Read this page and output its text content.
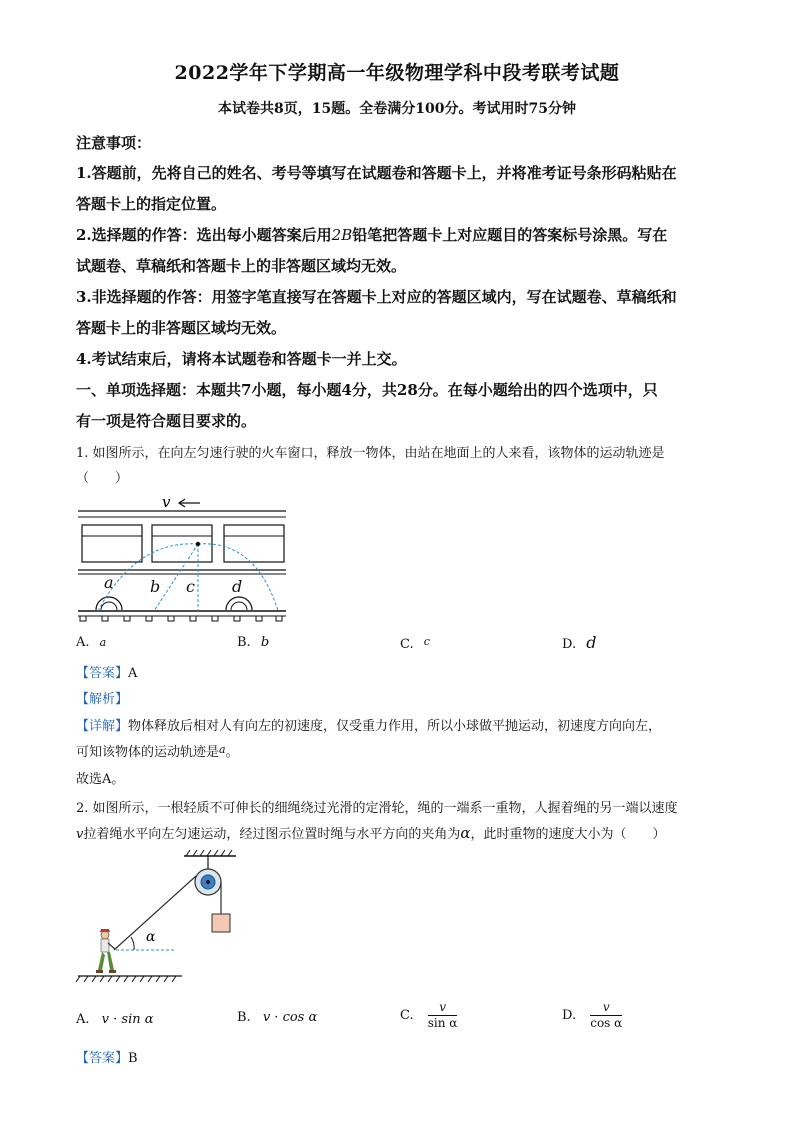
2022学年下学期高一年级物理学科中段考联考试题
本试卷共8页，15题。全卷满分100分。考试用时75分钟
注意事项：
1.答题前，先将自己的姓名、考号等填写在试题卷和答题卡上，并将准考证号条形码粘贴在
答题卡上的指定位置。
2.选择题的作答：选出每小题答案后用2B铅笔把答题卡上对应题目的答案标号涂黑。写在
试题卷、草稿纸和答题卡上的非答题区域均无效。
3.非选择题的作答：用签字笔直接写在答题卡上对应的答题区域内，写在试题卷、草稿纸和
答题卡上的非答题区域均无效。
4.考试结束后，请将本试题卷和答题卡一并上交。
一、单项选择题：本题共7小题，每小题4分，共28分。在每小题给出的四个选项中，只
有一项是符合题目要求的。
1. 如图所示，在向左匀速行驶的火车窗口，释放一物体，由站在地面上的人来看，该物体的运动轨迹是
（　　）
v
a b c d
A. a	B. b	C. $^c$	D. d
【答案】A
【解析】
【详解】物体释放后相对人有向左的初速度，仅受重力作用，所以小球做平抛运动，初速度方向向左，
可知该物体的运动轨迹是$^a$。
故选A。
2. 如图所示，一根轻质不可伸长的细绳绕过光滑的定滑轮，绳的一端系一重物，人握着绳的另一端以速度
v拉着绳水平向左匀速运动，经过图示位置时绳与水平方向的夹角为α，此时重物的速度大小为（　　）
α
A. v · sin α	B. v · cos α	C. $\frac{v}{\text{sin α}}$	D. $\frac{v}{\text{cos α}}$
【答案】B
